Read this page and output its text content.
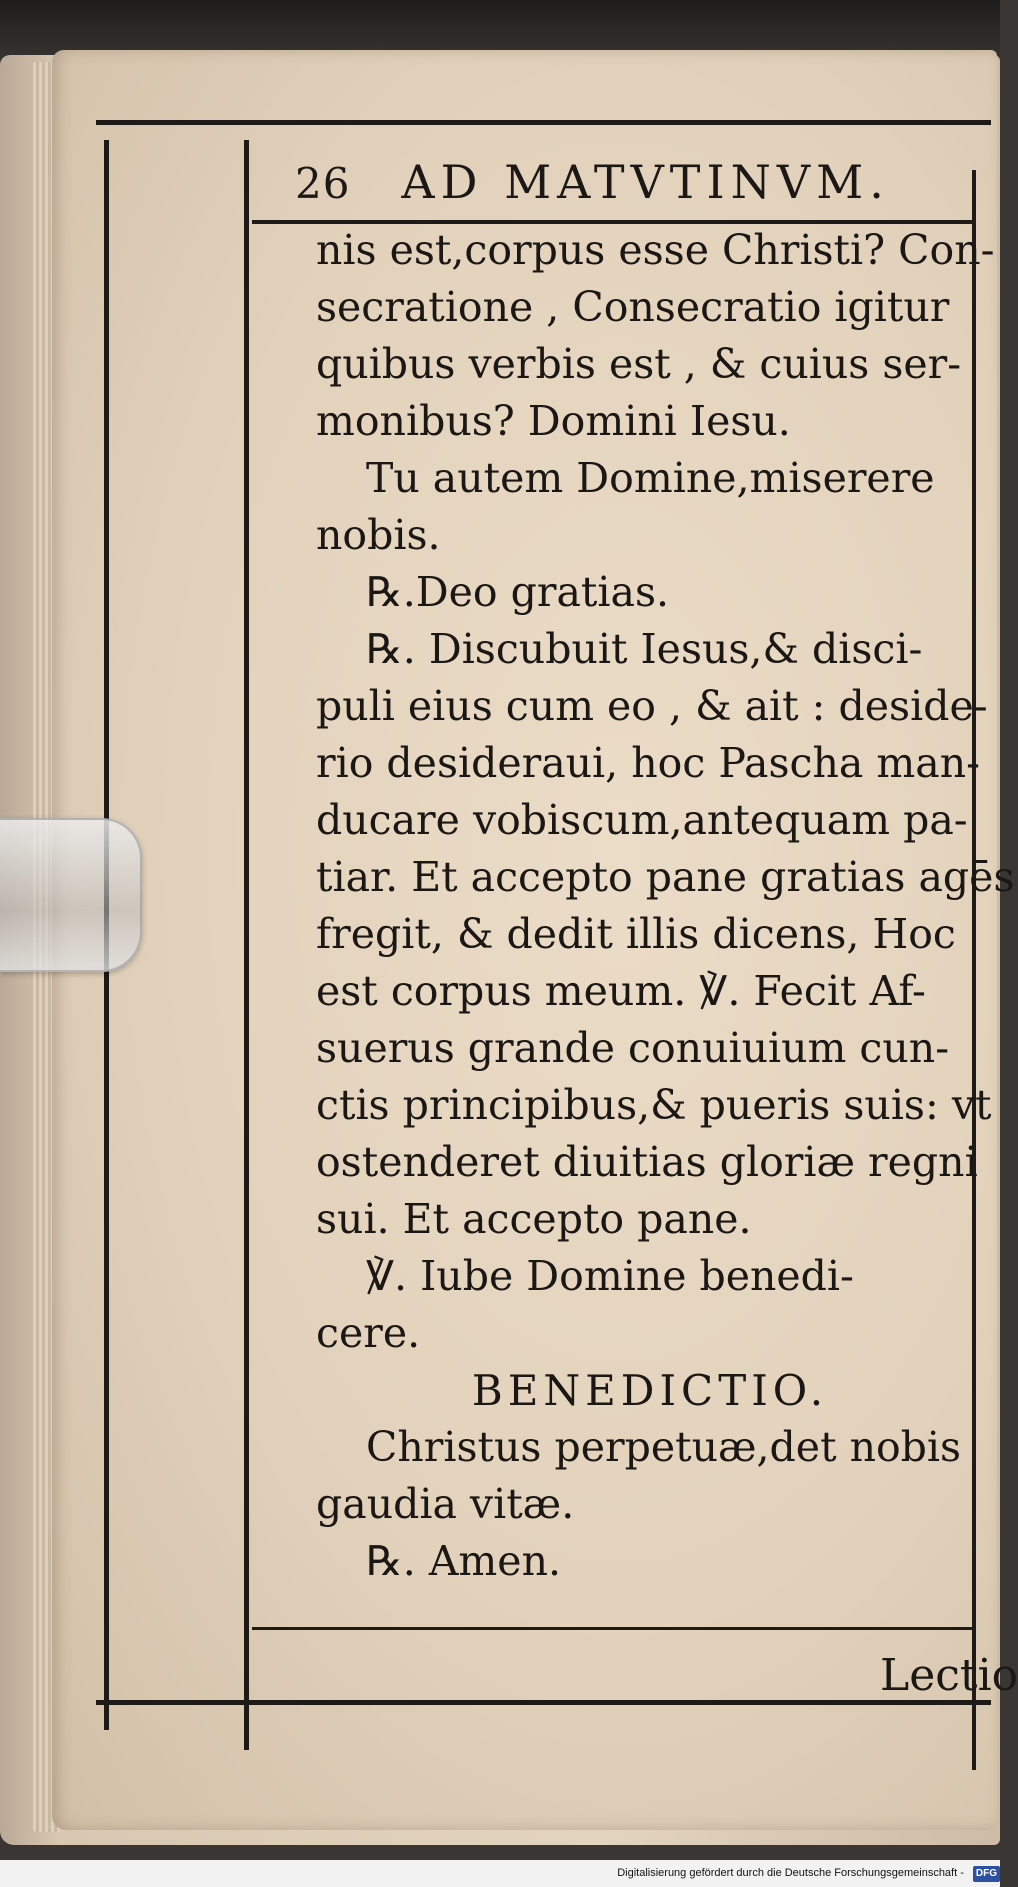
26 AD MATVTINVM.
nis est,corpus esse Christi? Con-
secratione , Consecratio igitur
quibus verbis est , & cuius ser-
monibus? Domini Iesu.
Tu autem Domine,miserere
nobis.
℞.Deo gratias.
℞. Discubuit Iesus,& disci-
puli eius cum eo , & ait : deside-
rio desideraui, hoc Pascha man-
ducare vobiscum,antequam pa-
tiar. Et accepto pane gratias agēs
fregit, & dedit illis dicens, Hoc
est corpus meum. ℣. Fecit Af-
suerus grande conuiuium cun-
ctis principibus,& pueris suis: vt
ostenderet diuitias gloriæ regni
sui. Et accepto pane.
℣. Iube Domine benedi-
cere.
BENEDICTIO.
Christus perpetuæ,det nobis
gaudia vitæ.
℞. Amen.
Lectio
Digitalisierung gefördert durch die Deutsche Forschungsgemeinschaft - DFG
